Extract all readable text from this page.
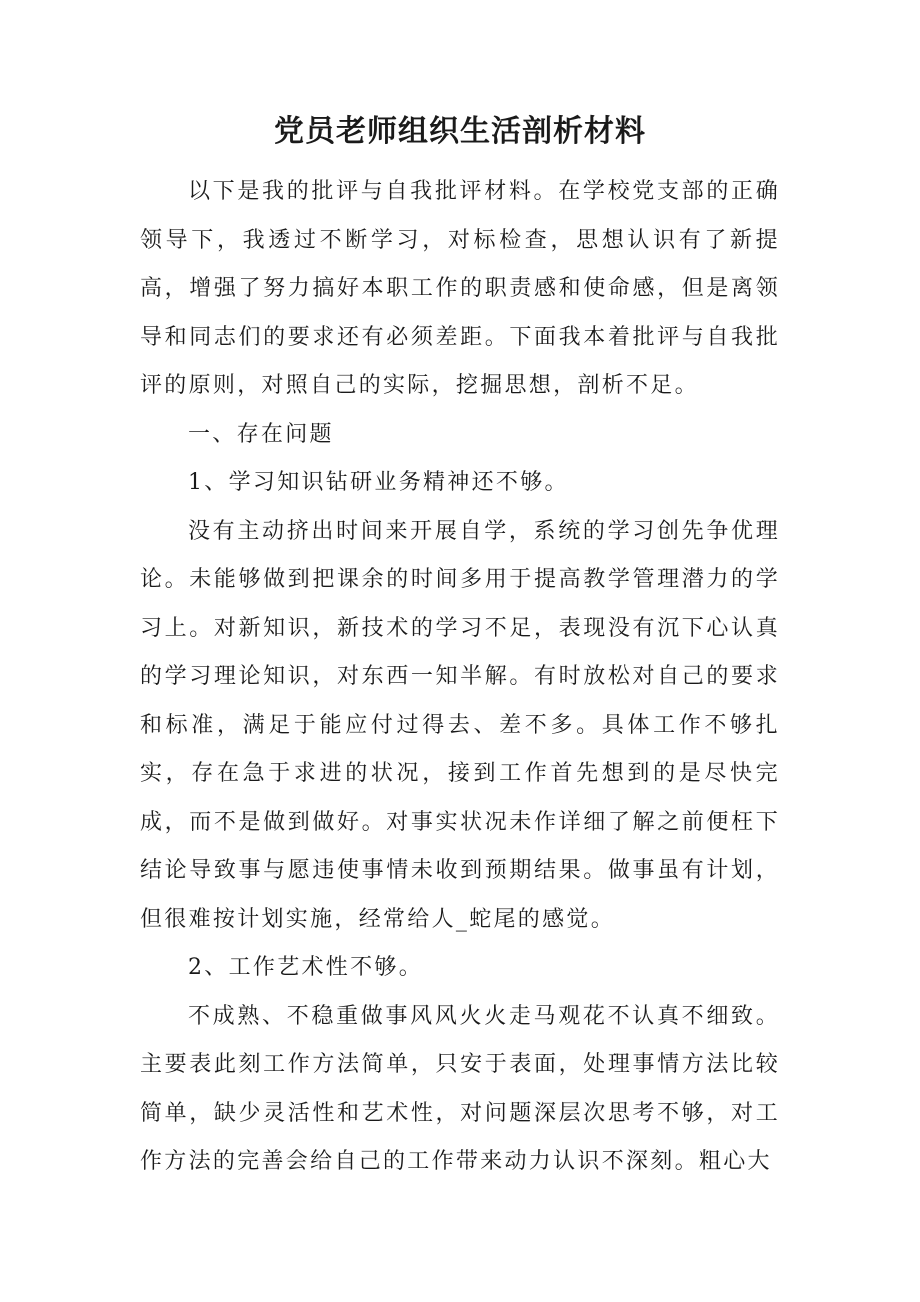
党员老师组织生活剖析材料

以下是我的批评与自我批评材料。在学校党支部的正确领导下，我透过不断学习，对标检查，思想认识有了新提高，增强了努力搞好本职工作的职责感和使命感，但是离领导和同志们的要求还有必须差距。下面我本着批评与自我批评的原则，对照自己的实际，挖掘思想，剖析不足。

一、存在问题

1、学习知识钻研业务精神还不够。

没有主动挤出时间来开展自学，系统的学习创先争优理论。未能够做到把课余的时间多用于提高教学管理潜力的学习上。对新知识，新技术的学习不足，表现没有沉下心认真的学习理论知识，对东西一知半解。有时放松对自己的要求和标准，满足于能应付过得去、差不多。具体工作不够扎实，存在急于求进的状况，接到工作首先想到的是尽快完成，而不是做到做好。对事实状况未作详细了解之前便枉下结论导致事与愿违使事情未收到预期结果。做事虽有计划，但很难按计划实施，经常给人_蛇尾的感觉。

2、工作艺术性不够。

不成熟、不稳重做事风风火火走马观花不认真不细致。主要表此刻工作方法简单，只安于表面，处理事情方法比较简单，缺少灵活性和艺术性，对问题深层次思考不够，对工作方法的完善会给自己的工作带来动力认识不深刻。粗心大
